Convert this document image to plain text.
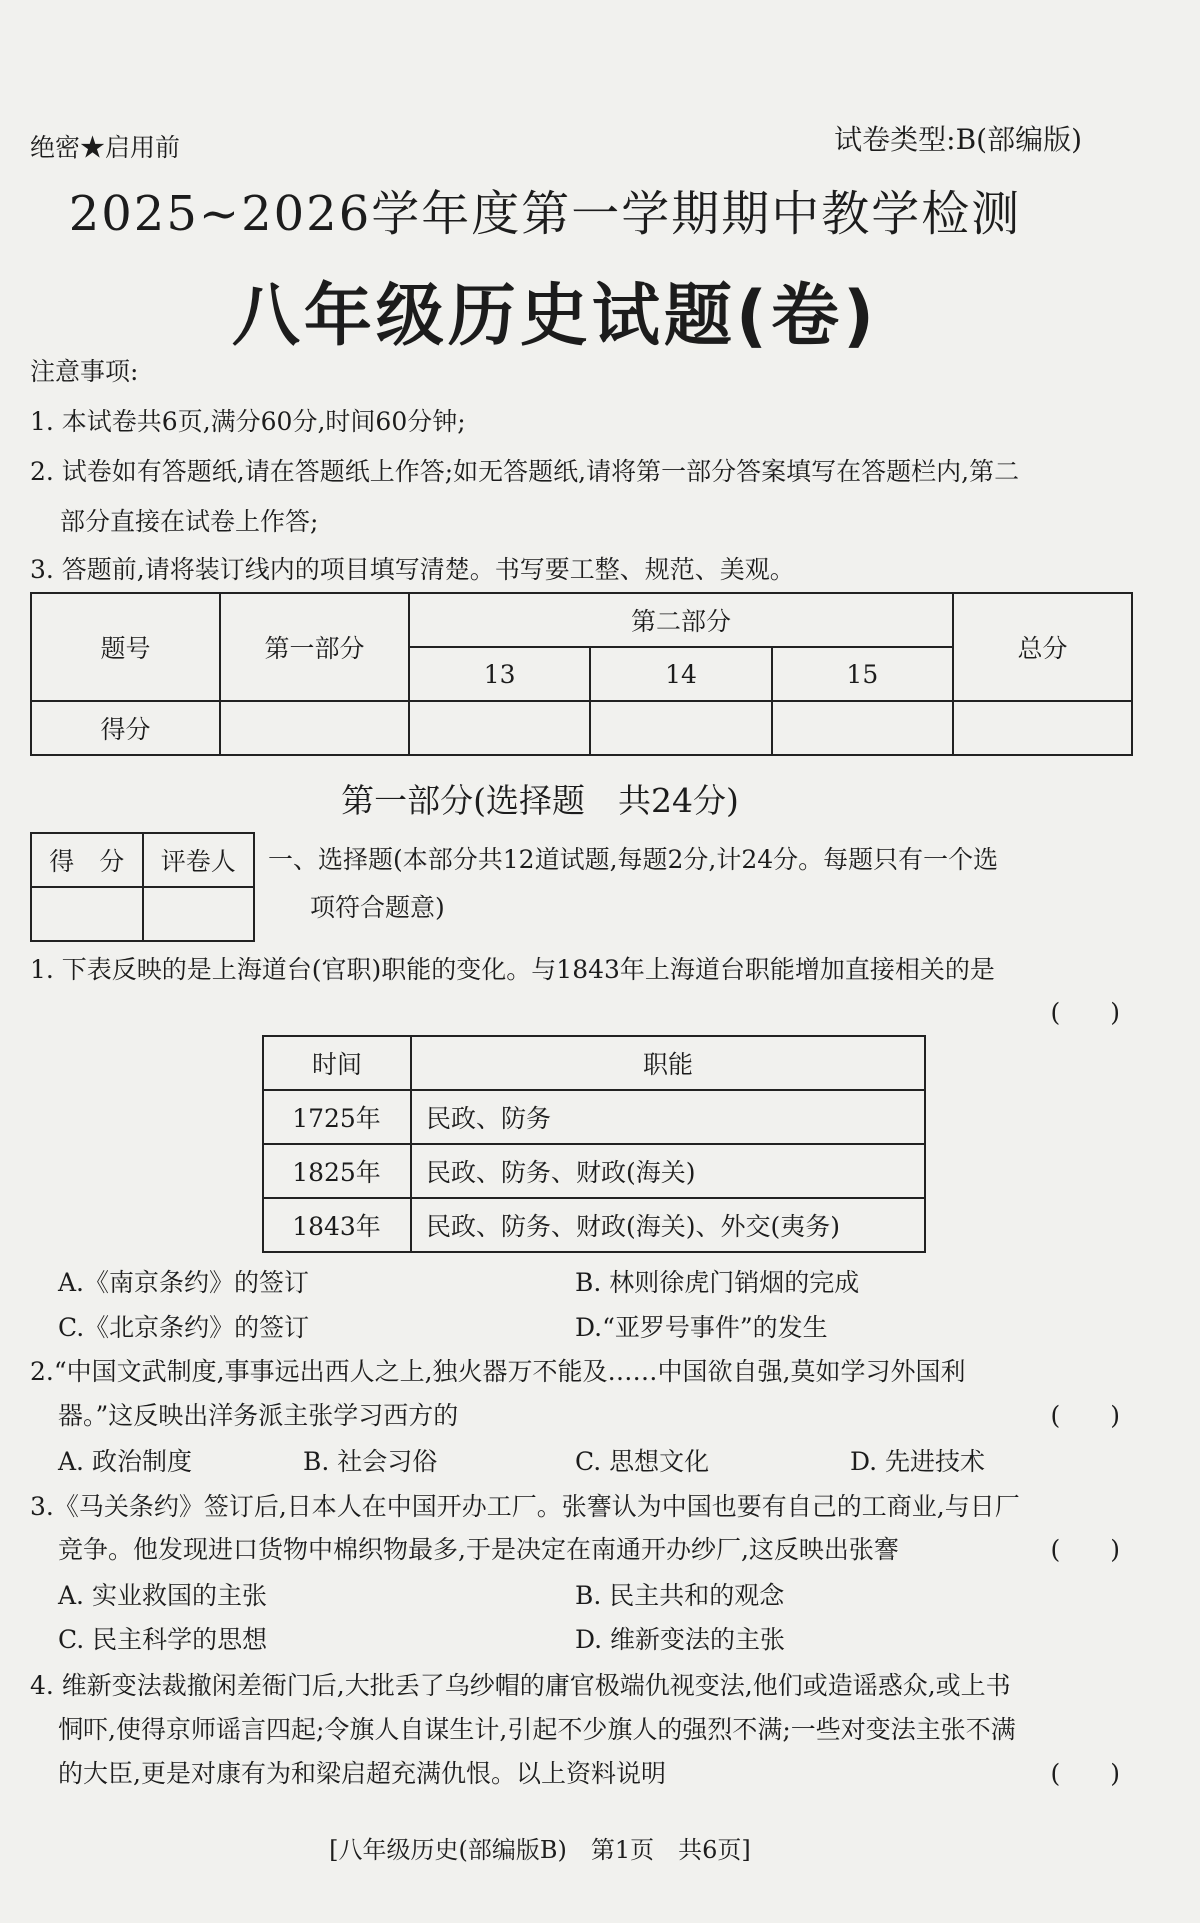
绝密★启用前	试卷类型:B(部编版)
2025~2026学年度第一学期期中教学检测
八年级历史试题(卷)
注意事项:
1. 本试卷共6页,满分60分,时间60分钟;
2. 试卷如有答题纸,请在答题纸上作答;如无答题纸,请将第一部分答案填写在答题栏内,第二
部分直接在试卷上作答;
3. 答题前,请将装订线内的项目填写清楚。书写要工整、规范、美观。
题号	第一部分	第二部分			总分
		13	14	15	
得分					
第一部分(选择题　共24分)
得　分	评卷人
	一、选择题(本部分共12道试题,每题2分,计24分。每题只有一个选
项符合题意)
1. 下表反映的是上海道台(官职)职能的变化。与1843年上海道台职能增加直接相关的是
(　　)
时间	职能
1725年	民政、防务
1825年	民政、防务、财政(海关)
1843年	民政、防务、财政(海关)、外交(夷务)
A.《南京条约》的签订	B. 林则徐虎门销烟的完成
C.《北京条约》的签订	D.“亚罗号事件”的发生
2.“中国文武制度,事事远出西人之上,独火器万不能及……中国欲自强,莫如学习外国利
器。”这反映出洋务派主张学习西方的	(　　)
A. 政治制度	B. 社会习俗	C. 思想文化	D. 先进技术
3.《马关条约》签订后,日本人在中国开办工厂。张謇认为中国也要有自己的工商业,与日厂
竞争。他发现进口货物中棉织物最多,于是决定在南通开办纱厂,这反映出张謇	(　　)
A. 实业救国的主张	B. 民主共和的观念
C. 民主科学的思想	D. 维新变法的主张
4. 维新变法裁撤闲差衙门后,大批丢了乌纱帽的庸官极端仇视变法,他们或造谣惑众,或上书
恫吓,使得京师谣言四起;令旗人自谋生计,引起不少旗人的强烈不满;一些对变法主张不满
的大臣,更是对康有为和梁启超充满仇恨。以上资料说明	(　　)
[八年级历史(部编版B)　第1页　共6页]
